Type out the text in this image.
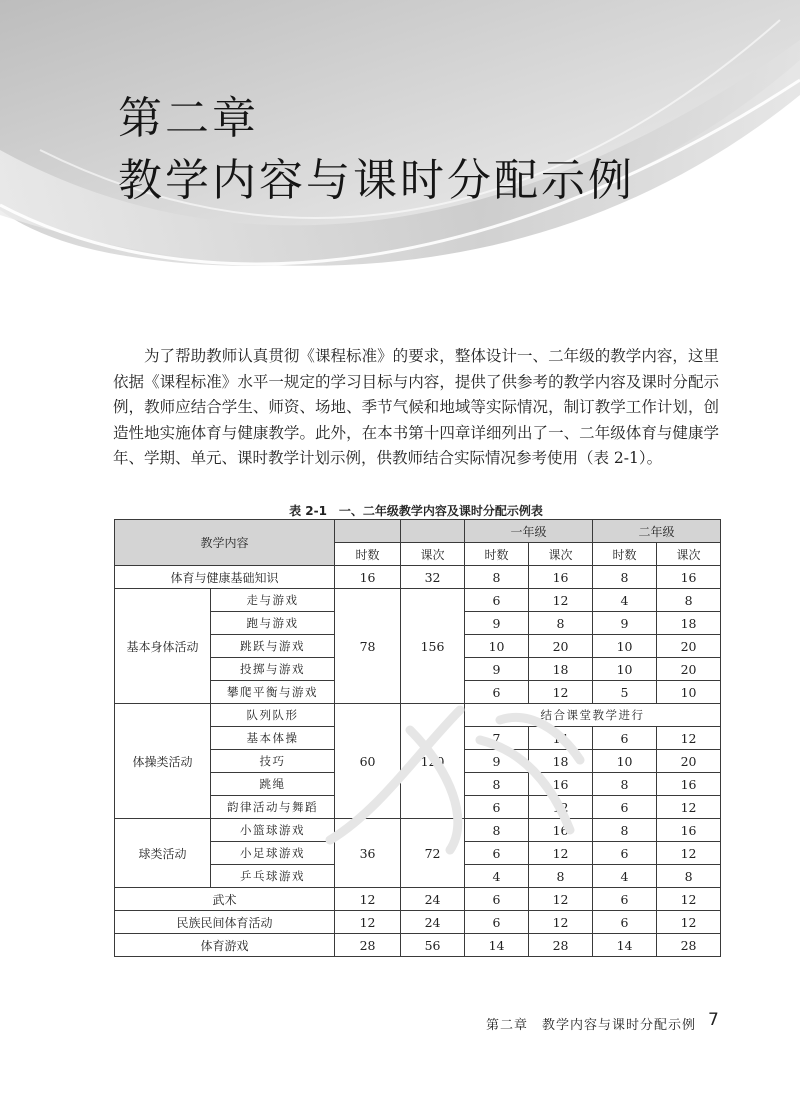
第二章
教学内容与课时分配示例

为了帮助教师认真贯彻《课程标准》的要求，整体设计一、二年级的教学内容，这里依据《课程标准》水平一规定的学习目标与内容，提供了供参考的教学内容及课时分配示例，教师应结合学生、师资、场地、季节气候和地域等实际情况，制订教学工作计划，创造性地实施体育与健康教学。此外，在本书第十四章详细列出了一、二年级体育与健康学年、学期、单元、课时教学计划示例，供教师结合实际情况参考使用（表 2-1）。

表 2-1　一、二年级教学内容及课时分配示例表
教学内容				一年级		二年级	
		时数	课次	时数	课次	时数	课次
体育与健康基础知识		16	32	8	16	8	16
基本身体活动	走与游戏	78	156	6	12	4	8
	跑与游戏			9	8	9	18
	跳跃与游戏			10	20	10	20
	投掷与游戏			9	18	10	20
	攀爬平衡与游戏			6	12	5	10
体操类活动	队列队形	60	120	结合课堂教学进行			
	基本体操			7	14	6	12
	技巧			9	18	10	20
	跳绳			8	16	8	16
	韵律活动与舞蹈			6	12	6	12
球类活动	小篮球游戏	36	72	8	16	8	16
	小足球游戏			6	12	6	12
	乒乓球游戏			4	8	4	8
武术		12	24	6	12	6	12
民族民间体育活动		12	24	6	12	6	12
体育游戏		28	56	14	28	14	28
第二章　教学内容与课时分配示例 7
